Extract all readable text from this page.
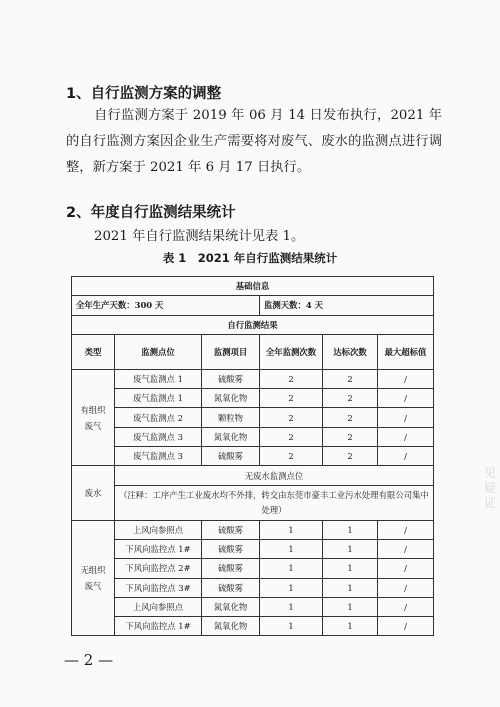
1、自行监测方案的调整
自行监测方案于 2019 年 06 月 14 日发布执行，2021 年的自行监测方案因企业生产需要将对废气、废水的监测点进行调整，新方案于 2021 年 6 月 17 日执行。
2、年度自行监测结果统计
2021 年自行监测结果统计见表 1。
表 1　2021 年自行监测结果统计
基础信息					
全年生产天数：300 天			监测天数：4 天		
自行监测结果					
类型	监测点位	监测项目	全年监测次数	达标次数	最大超标值
有组织废气	废气监测点 1	硫酸雾	2	2	/
	废气监测点 1	氮氧化物	2	2	/
	废气监测点 2	颗粒物	2	2	/
	废气监测点 3	氮氧化物	2	2	/
	废气监测点 3	硫酸雾	2	2	/
废水	无废水监测点位				
	（注释：工序产生工业废水均不外排，转交由东莞市豪丰工业污水处理有限公司集中处理）				
无组织废气	上风向参照点	硫酸雾	1	1	/
	下风向监控点 1#	硫酸雾	1	1	/
	下风向监控点 2#	硫酸雾	1	1	/
	下风向监控点 3#	硫酸雾	1	1	/
	上风向参照点	氮氧化物	1	1	/
	下风向监控点 1#	氮氧化物	1	1	/
— 2 —
见疑证
